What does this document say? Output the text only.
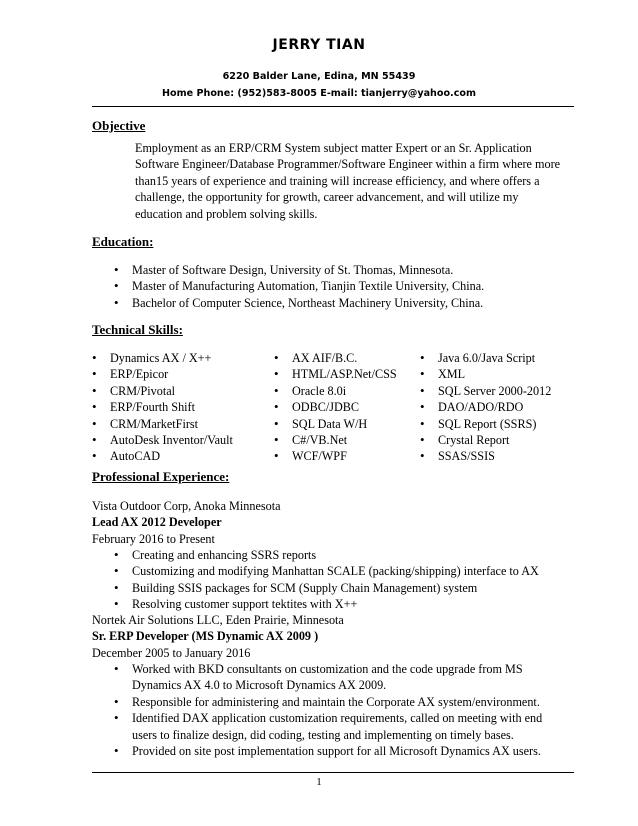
JERRY TIAN
6220 Balder Lane, Edina, MN 55439
Home Phone: (952)583-8005 E-mail: tianjerry@yahoo.com
Objective
Employment as an ERP/CRM System subject matter Expert or an Sr. Application
Software Engineer/Database Programmer/Software Engineer within a firm where more
than15 years of experience and training will increase efficiency, and where offers a
challenge, the opportunity for growth, career advancement, and will utilize my
education and problem solving skills.
Education:
• Master of Software Design, University of St. Thomas, Minnesota.
• Master of Manufacturing Automation, Tianjin Textile University, China.
• Bachelor of Computer Science, Northeast Machinery University, China.
Technical Skills:
• Dynamics AX / X++
• ERP/Epicor
• CRM/Pivotal
• ERP/Fourth Shift
• CRM/MarketFirst
• AutoDesk Inventor/Vault
• AutoCAD
• AX AIF/B.C.
• HTML/ASP.Net/CSS
• Oracle 8.0i
• ODBC/JDBC
• SQL Data W/H
• C#/VB.Net
• WCF/WPF
• Java 6.0/Java Script
• XML
• SQL Server 2000-2012
• DAO/ADO/RDO
• SQL Report (SSRS)
• Crystal Report
• SSAS/SSIS
Professional Experience:
Vista Outdoor Corp, Anoka Minnesota
Lead AX 2012 Developer
February 2016 to Present
• Creating and enhancing SSRS reports
• Customizing and modifying Manhattan SCALE (packing/shipping) interface to AX
• Building SSIS packages for SCM (Supply Chain Management) system
• Resolving customer support tektites with X++
Nortek Air Solutions LLC, Eden Prairie, Minnesota
Sr. ERP Developer (MS Dynamic AX 2009 )
December 2005 to January 2016
• Worked with BKD consultants on customization and the code upgrade from MS
Dynamics AX 4.0 to Microsoft Dynamics AX 2009.
• Responsible for administering and maintain the Corporate AX system/environment.
• Identified DAX application customization requirements, called on meeting with end
users to finalize design, did coding, testing and implementing on timely bases.
• Provided on site post implementation support for all Microsoft Dynamics AX users.
1
